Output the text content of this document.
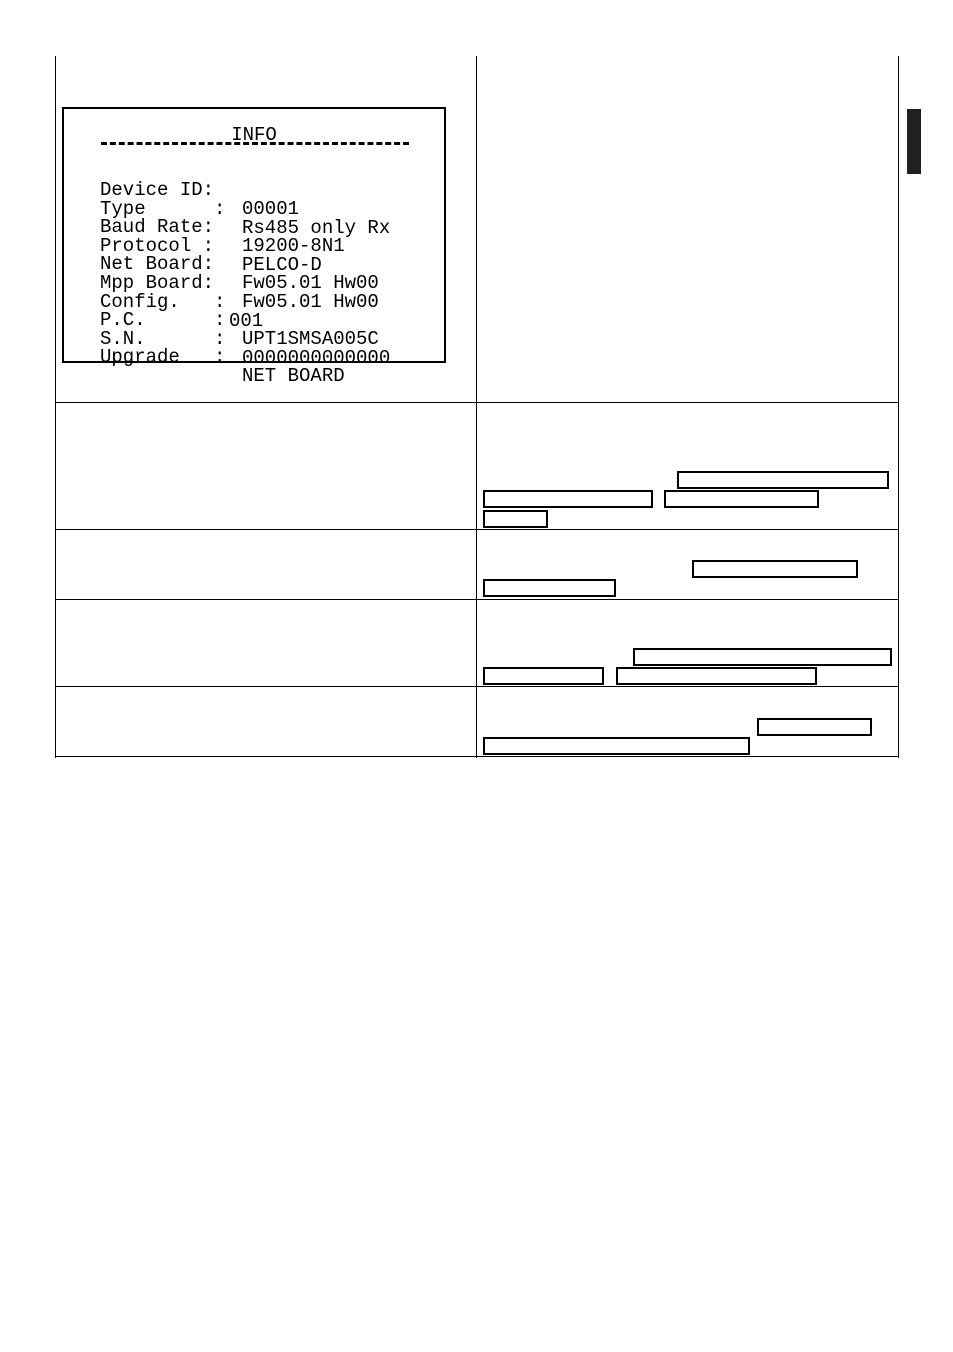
INFO

Device ID:

00001

Type      :

Rs485 only Rx

Baud Rate:

19200-8N1

Protocol :

PELCO-D

Net Board:

Fw05.01 Hw00

Mpp Board:

Fw05.01 Hw00

Config.   :

001

P.C.      :

UPT1SMSA005C

S.N.      :

0000000000000

Upgrade   :

NET BOARD
